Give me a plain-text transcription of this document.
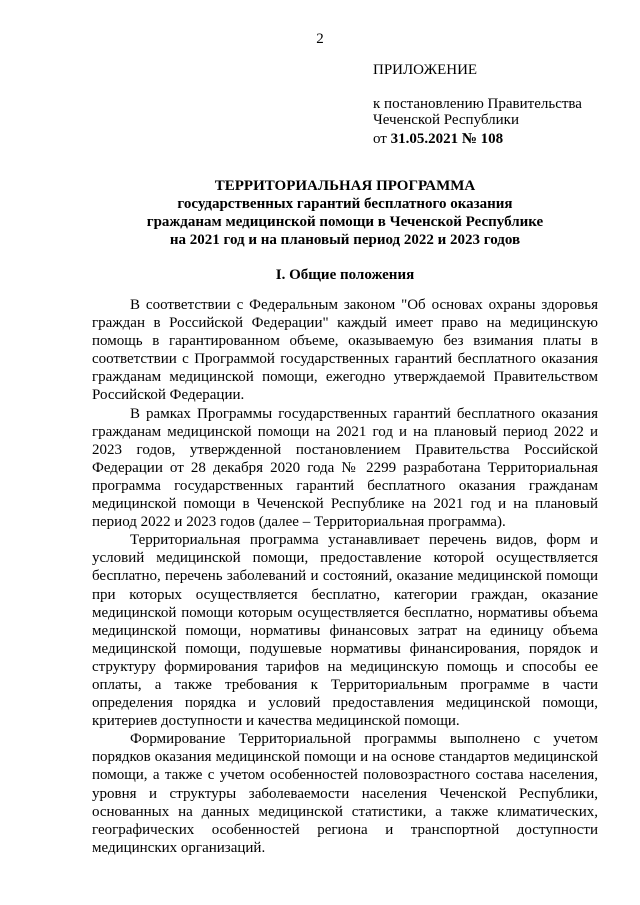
2
ПРИЛОЖЕНИЕ
к постановлению Правительства
Чеченской Республики
от 31.05.2021 № 108
ТЕРРИТОРИАЛЬНАЯ ПРОГРАММА
государственных гарантий бесплатного оказания
гражданам медицинской помощи в Чеченской Республике
на 2021 год и на плановый период 2022 и 2023 годов
I. Общие положения

В соответствии с Федеральным законом "Об основах охраны здоровья граждан в Российской Федерации" каждый имеет право на медицинскую помощь в гарантированном объеме, оказываемую без взимания платы в соответствии с Программой государственных гарантий бесплатного оказания гражданам медицинской помощи, ежегодно утверждаемой Правительством Российской Федерации.

В рамках Программы государственных гарантий бесплатного оказания гражданам медицинской помощи на 2021 год и на плановый период 2022 и 2023 годов, утвержденной постановлением Правительства Российской Федерации от 28 декабря 2020 года № 2299 разработана Территориальная программа государственных гарантий бесплатного оказания гражданам медицинской помощи в Чеченской Республике на 2021 год и на плановый период 2022 и 2023 годов (далее – Территориальная программа).

Территориальная программа устанавливает перечень видов, форм и условий медицинской помощи, предоставление которой осуществляется бесплатно, перечень заболеваний и состояний, оказание медицинской помощи при которых осуществляется бесплатно, категории граждан, оказание медицинской помощи которым осуществляется бесплатно, нормативы объема медицинской помощи, нормативы финансовых затрат на единицу объема медицинской помощи, подушевые нормативы финансирования, порядок и структуру формирования тарифов на медицинскую помощь и способы ее оплаты, а также требования к Территориальным программе в части определения порядка и условий предоставления медицинской помощи, критериев доступности и качества медицинской помощи.

Формирование Территориальной программы выполнено с учетом порядков оказания медицинской помощи и на основе стандартов медицинской помощи, а также с учетом особенностей половозрастного состава населения, уровня и структуры заболеваемости населения Чеченской Республики, основанных на данных медицинской статистики, а также климатических, географических особенностей региона и транспортной доступности медицинских организаций.
